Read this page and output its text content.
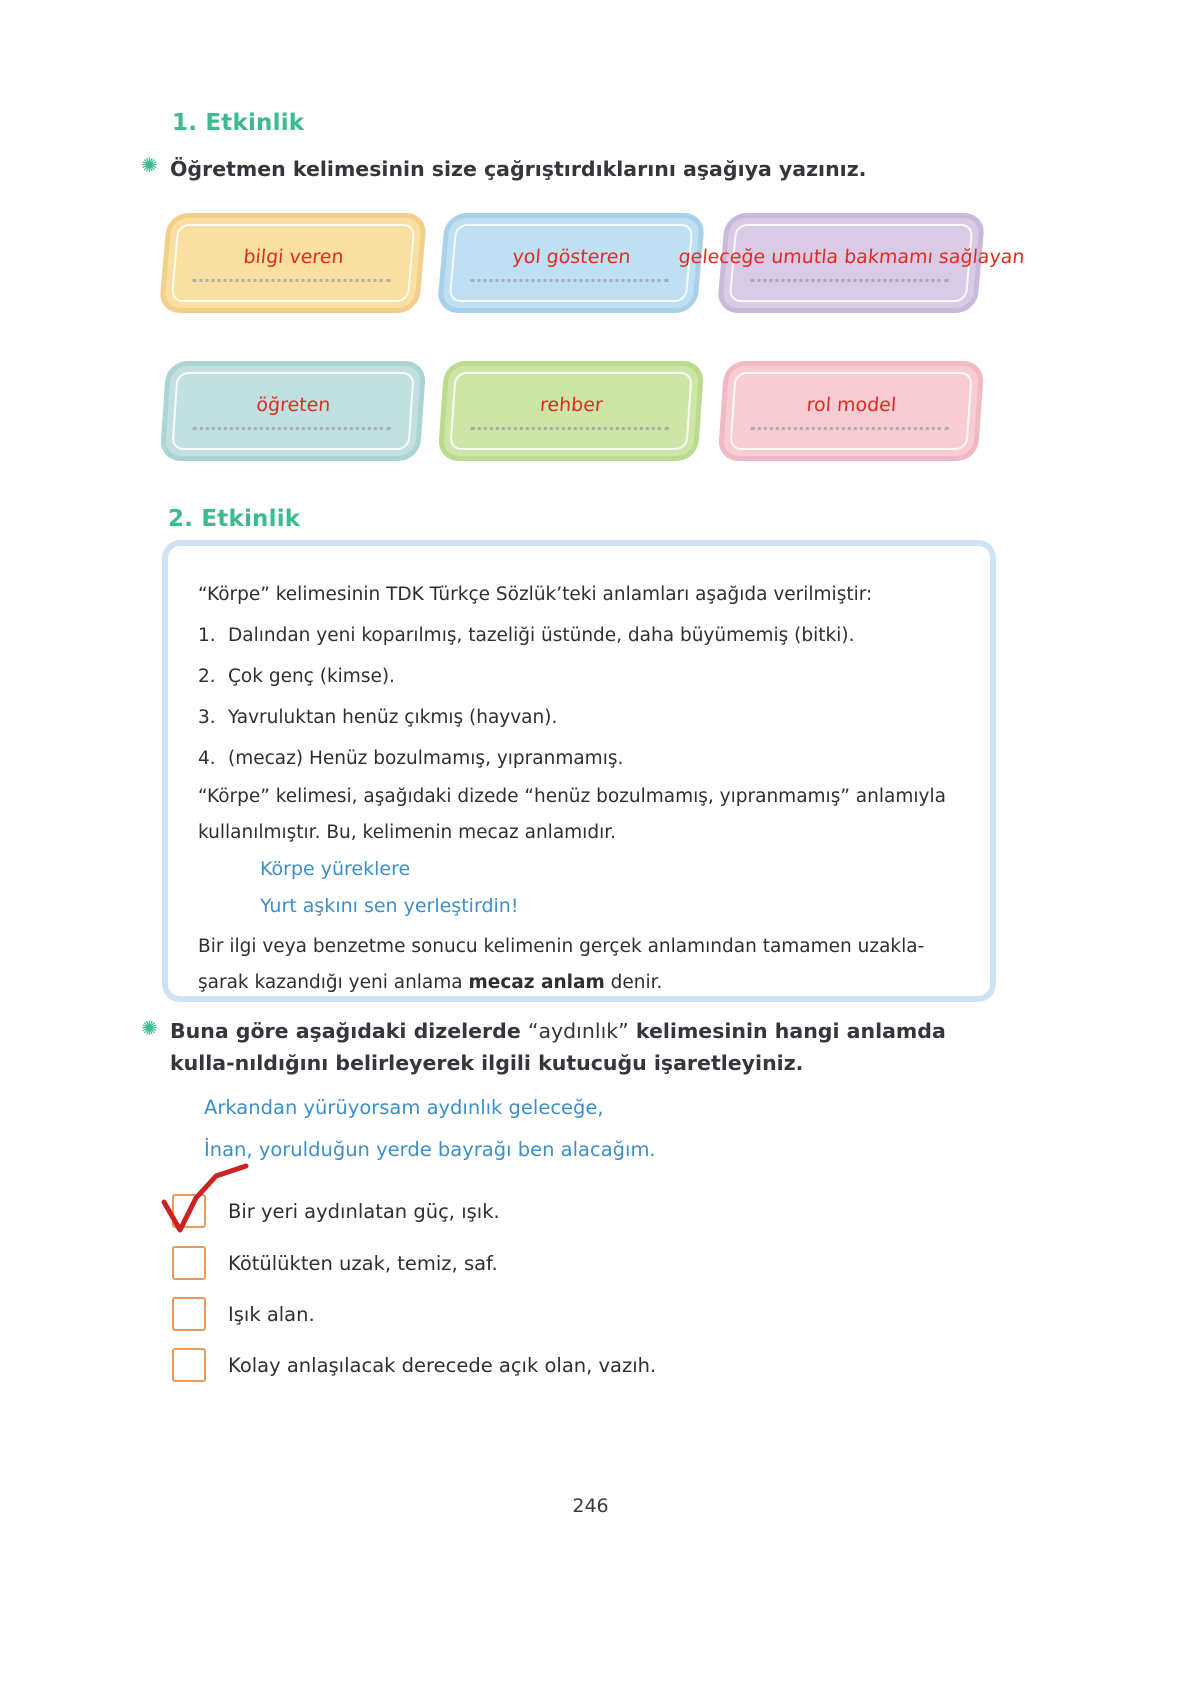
1. Etkinlik
✺ Öğretmen kelimesinin size çağrıştırdıklarını aşağıya yazınız.
bilgi veren	yol gösteren	geleceğe umutla bakmamı sağlayan
öğreten	rehber	rol model
2. Etkinlik
“Körpe” kelimesinin TDK Türkçe Sözlük’teki anlamları aşağıda verilmiştir:
1. Dalından yeni koparılmış, tazeliği üstünde, daha büyümemiş (bitki).
2. Çok genç (kimse).
3. Yavruluktan henüz çıkmış (hayvan).
4. (mecaz) Henüz bozulmamış, yıpranmamış.
“Körpe” kelimesi, aşağıdaki dizede “henüz bozulmamış, yıpranmamış” anlamıyla kullanılmıştır. Bu, kelimenin mecaz anlamıdır.
Körpe yüreklere
Yurt aşkını sen yerleştirdin!
Bir ilgi veya benzetme sonucu kelimenin gerçek anlamından tamamen uzakla-şarak kazandığı yeni anlama mecaz anlam denir.
✺ Buna göre aşağıdaki dizelerde “aydınlık” kelimesinin hangi anlamda kulla-nıldığını belirleyerek ilgili kutucuğu işaretleyiniz.
Arkandan yürüyorsam aydınlık geleceğe,
İnan, yorulduğun yerde bayrağı ben alacağım.
Bir yeri aydınlatan güç, ışık.
Kötülükten uzak, temiz, saf.
Işık alan.
Kolay anlaşılacak derecede açık olan, vazıh.
246
